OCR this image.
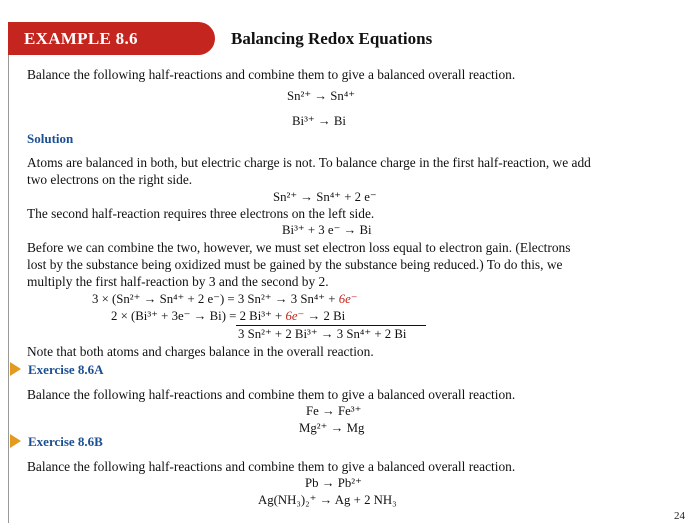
EXAMPLE 8.6	Balancing Redox Equations
Balance the following half-reactions and combine them to give a balanced overall reaction.
Sn²⁺ → Sn⁴⁺
Bi³⁺ → Bi
Solution
Atoms are balanced in both, but electric charge is not. To balance charge in the first half-reaction, we add
two electrons on the right side.
Sn²⁺ → Sn⁴⁺ + 2 e⁻
The second half-reaction requires three electrons on the left side.
Bi³⁺ + 3 e⁻ → Bi
Before we can combine the two, however, we must set electron loss equal to electron gain. (Electrons
lost by the substance being oxidized must be gained by the substance being reduced.) To do this, we
multiply the first half-reaction by 3 and the second by 2.
3 × (Sn²⁺ → Sn⁴⁺ + 2 e⁻) = 3 Sn²⁺ → 3 Sn⁴⁺ + 6e⁻
2 × (Bi³⁺ + 3e⁻ → Bi) = 2 Bi³⁺ + 6e⁻ → 2 Bi
3 Sn²⁺ + 2 Bi³⁺ → 3 Sn⁴⁺ + 2 Bi
Note that both atoms and charges balance in the overall reaction.
Exercise 8.6A
Balance the following half-reactions and combine them to give a balanced overall reaction.
Fe → Fe³⁺
Mg²⁺ → Mg
Exercise 8.6B
Balance the following half-reactions and combine them to give a balanced overall reaction.
Pb → Pb²⁺
Ag(NH₃)₂⁺ → Ag + 2 NH₃
24
